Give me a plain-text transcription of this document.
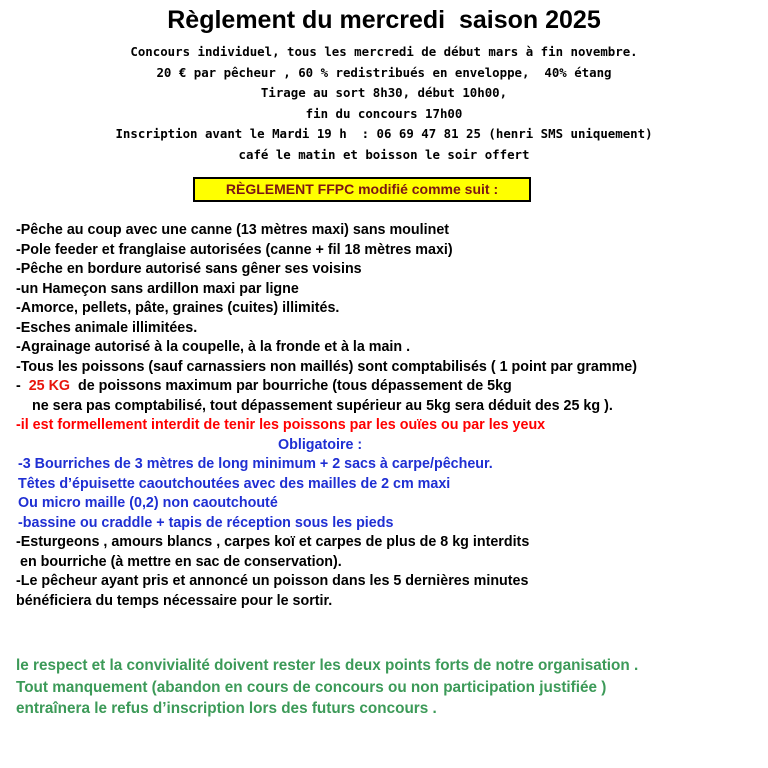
Règlement du mercredi  saison 2025
Concours individuel, tous les mercredi de début mars à fin novembre.
20 € par pêcheur , 60 % redistribués en enveloppe,  40% étang
Tirage au sort 8h30, début 10h00,
fin du concours 17h00
Inscription avant le Mardi 19 h  : 06 69 47 81 25 (henri SMS uniquement)
café le matin et boisson le soir offert
RÈGLEMENT FFPC modifié comme suit :
-Pêche au coup avec une canne (13 mètres maxi) sans moulinet
-Pole feeder et franglaise autorisées (canne + fil 18 mètres maxi)
-Pêche en bordure autorisé sans gêner ses voisins
-un Hameçon sans ardillon maxi par ligne
-Amorce, pellets, pâte, graines (cuites) illimités.
-Esches animale illimitées.
-Agrainage autorisé à la coupelle, à la fronde et à la main .
-Tous les poissons (sauf carnassiers non maillés) sont comptabilisés ( 1 point par gramme)
-  25 KG  de poissons maximum par bourriche (tous dépassement de 5kg
ne sera pas comptabilisé, tout dépassement supérieur au 5kg sera déduit des 25 kg ).
-il est formellement interdit de tenir les poissons par les ouïes ou par les yeux
Obligatoire :
-3 Bourriches de 3 mètres de long minimum + 2 sacs à carpe/pêcheur.
Têtes d’épuisette caoutchoutées avec des mailles de 2 cm maxi
Ou micro maille (0,2) non caoutchouté
-bassine ou craddle + tapis de réception sous les pieds
-Esturgeons , amours blancs , carpes koï et carpes de plus de 8 kg interdits
en bourriche (à mettre en sac de conservation).
-Le pêcheur ayant pris et annoncé un poisson dans les 5 dernières minutes
bénéficiera du temps nécessaire pour le sortir.
le respect et la convivialité doivent rester les deux points forts de notre organisation .
Tout manquement (abandon en cours de concours ou non participation justifiée )
entraînera le refus d’inscription lors des futurs concours .
